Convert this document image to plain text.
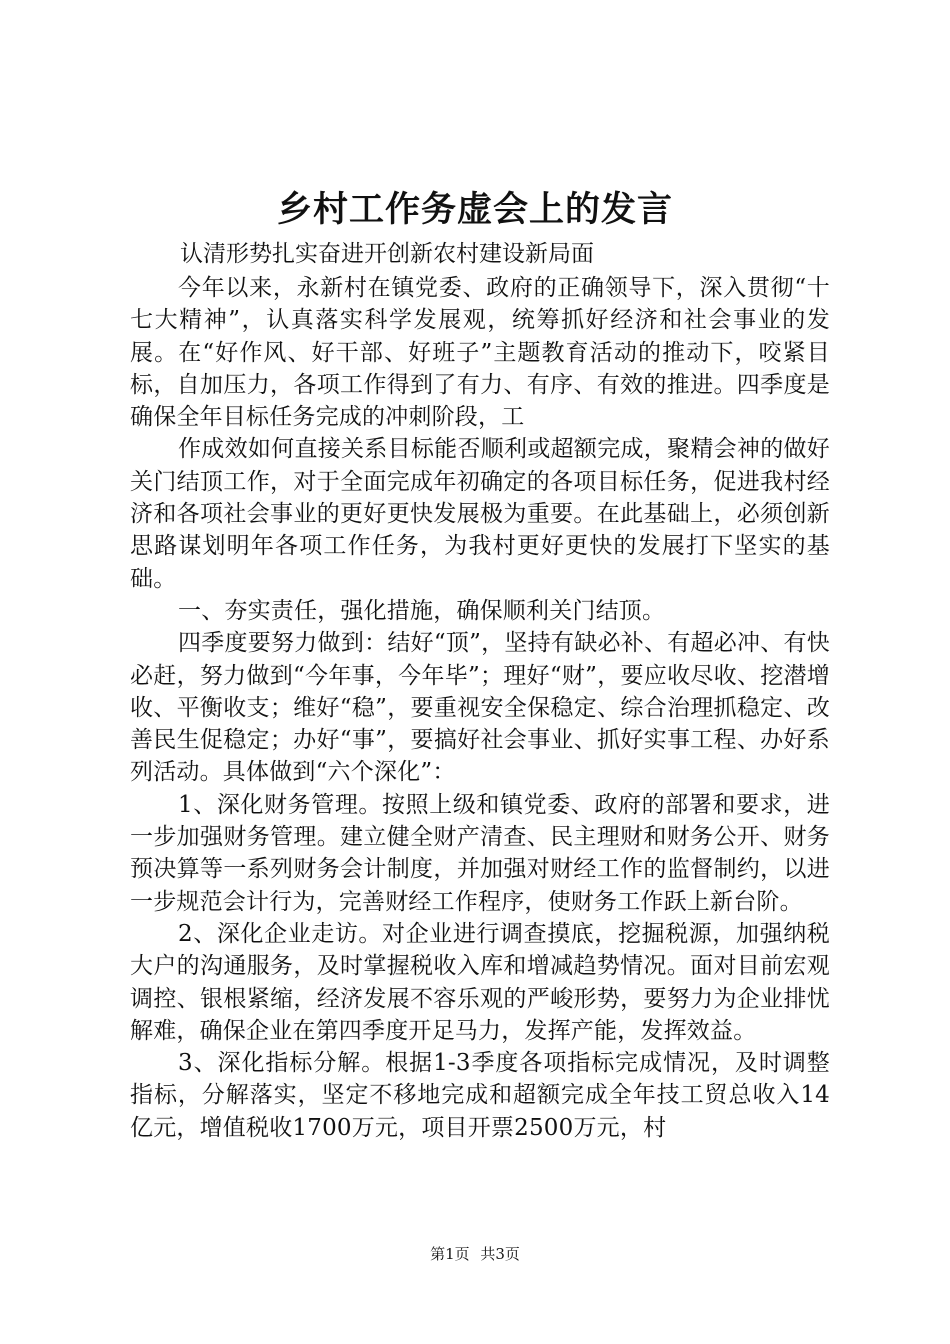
乡村工作务虚会上的发言
认清形势扎实奋进开创新农村建设新局面

今年以来，永新村在镇党委、政府的正确领导下，深入贯彻“十七大精神”，认真落实科学发展观，统筹抓好经济和社会事业的发展。在“好作风、好干部、好班子”主题教育活动的推动下，咬紧目标，自加压力，各项工作得到了有力、有序、有效的推进。四季度是确保全年目标任务完成的冲刺阶段，工

作成效如何直接关系目标能否顺利或超额完成，聚精会神的做好关门结顶工作，对于全面完成年初确定的各项目标任务，促进我村经济和各项社会事业的更好更快发展极为重要。在此基础上，必须创新思路谋划明年各项工作任务，为我村更好更快的发展打下坚实的基础。

一、夯实责任，强化措施，确保顺利关门结顶。

四季度要努力做到：结好“顶”，坚持有缺必补、有超必冲、有快必赶，努力做到“今年事，今年毕”；理好“财”，要应收尽收、挖潜增收、平衡收支；维好“稳”，要重视安全保稳定、综合治理抓稳定、改善民生促稳定；办好“事”，要搞好社会事业、抓好实事工程、办好系列活动。具体做到“六个深化”：

1、深化财务管理。按照上级和镇党委、政府的部署和要求，进一步加强财务管理。建立健全财产清查、民主理财和财务公开、财务预决算等一系列财务会计制度，并加强对财经工作的监督制约，以进一步规范会计行为，完善财经工作程序，使财务工作跃上新台阶。

2、深化企业走访。对企业进行调查摸底，挖掘税源，加强纳税大户的沟通服务，及时掌握税收入库和增减趋势情况。面对目前宏观调控、银根紧缩，经济发展不容乐观的严峻形势，要努力为企业排忧解难，确保企业在第四季度开足马力，发挥产能，发挥效益。

3、深化指标分解。根据1-3季度各项指标完成情况，及时调整指标，分解落实，坚定不移地完成和超额完成全年技工贸总收入14亿元，增值税收1700万元，项目开票2500万元，村

第1页 共3页
